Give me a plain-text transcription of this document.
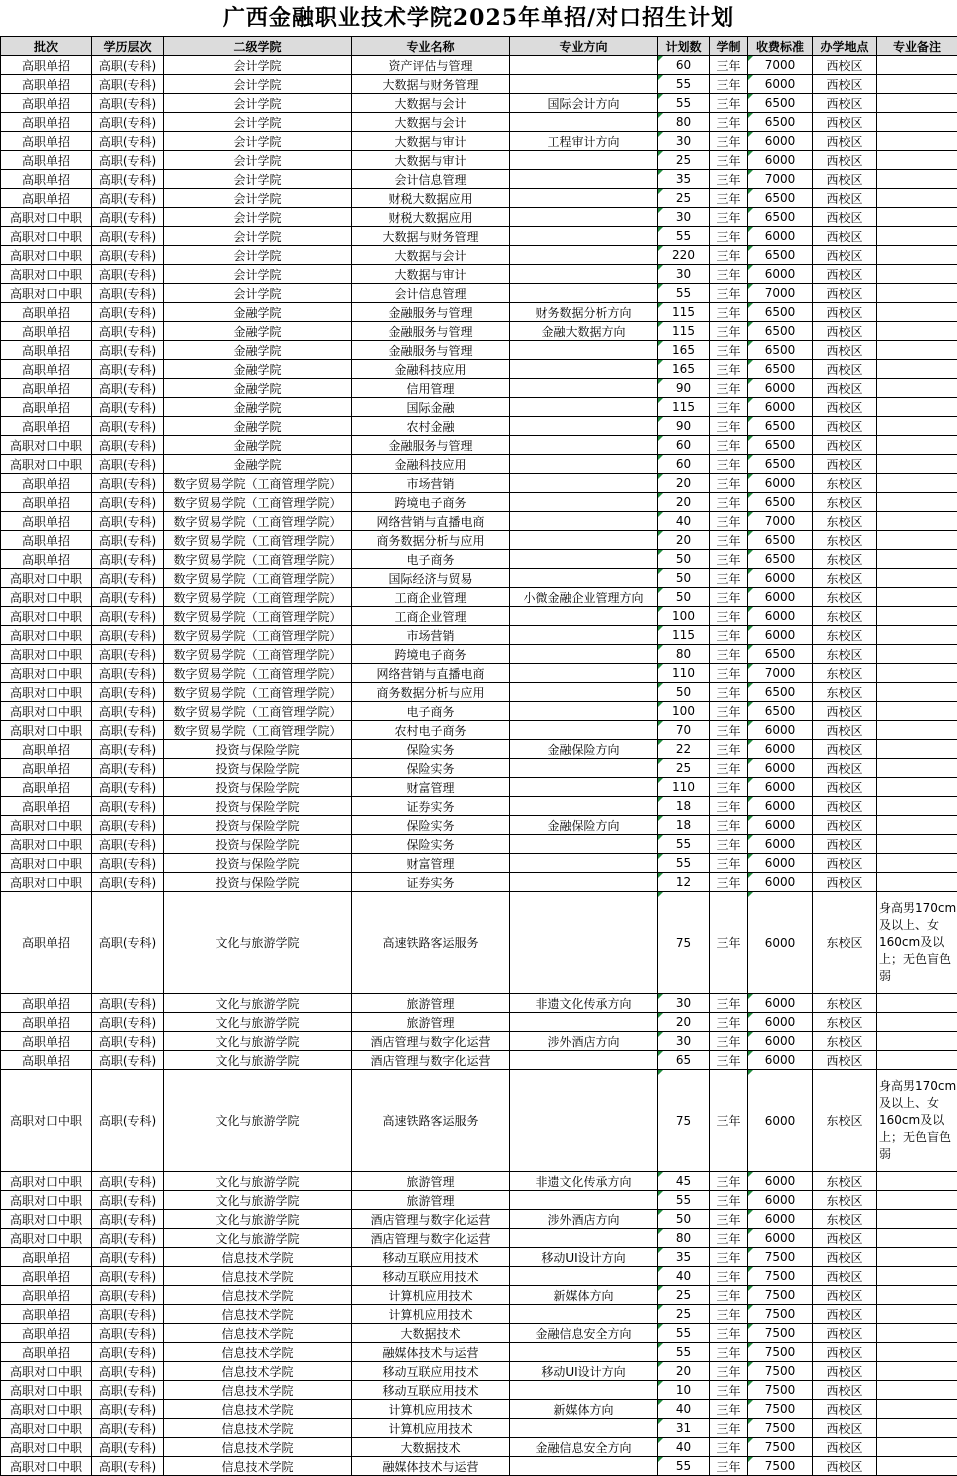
广西金融职业技术学院2025年单招/对口招生计划
批次	学历层次	二级学院	专业名称	专业方向	计划数	学制	收费标准	办学地点	专业备注
高职单招	高职(专科)	会计学院	资产评估与管理		60	三年	7000	西校区	
高职单招	高职(专科)	会计学院	大数据与财务管理		55	三年	6000	西校区	
高职单招	高职(专科)	会计学院	大数据与会计	国际会计方向	55	三年	6500	西校区	
高职单招	高职(专科)	会计学院	大数据与会计		80	三年	6500	西校区	
高职单招	高职(专科)	会计学院	大数据与审计	工程审计方向	30	三年	6000	西校区	
高职单招	高职(专科)	会计学院	大数据与审计		25	三年	6000	西校区	
高职单招	高职(专科)	会计学院	会计信息管理		35	三年	7000	西校区	
高职单招	高职(专科)	会计学院	财税大数据应用		25	三年	6500	西校区	
高职对口中职	高职(专科)	会计学院	财税大数据应用		30	三年	6500	西校区	
高职对口中职	高职(专科)	会计学院	大数据与财务管理		55	三年	6000	西校区	
高职对口中职	高职(专科)	会计学院	大数据与会计		220	三年	6500	西校区	
高职对口中职	高职(专科)	会计学院	大数据与审计		30	三年	6000	西校区	
高职对口中职	高职(专科)	会计学院	会计信息管理		55	三年	7000	西校区	
高职单招	高职(专科)	金融学院	金融服务与管理	财务数据分析方向	115	三年	6500	西校区	
高职单招	高职(专科)	金融学院	金融服务与管理	金融大数据方向	115	三年	6500	西校区	
高职单招	高职(专科)	金融学院	金融服务与管理		165	三年	6500	西校区	
高职单招	高职(专科)	金融学院	金融科技应用		165	三年	6500	西校区	
高职单招	高职(专科)	金融学院	信用管理		90	三年	6000	西校区	
高职单招	高职(专科)	金融学院	国际金融		115	三年	6000	西校区	
高职单招	高职(专科)	金融学院	农村金融		90	三年	6500	西校区	
高职对口中职	高职(专科)	金融学院	金融服务与管理		60	三年	6500	西校区	
高职对口中职	高职(专科)	金融学院	金融科技应用		60	三年	6500	西校区	
高职单招	高职(专科)	数字贸易学院（工商管理学院）	市场营销		20	三年	6000	东校区	
高职单招	高职(专科)	数字贸易学院（工商管理学院）	跨境电子商务		20	三年	6500	东校区	
高职单招	高职(专科)	数字贸易学院（工商管理学院）	网络营销与直播电商		40	三年	7000	东校区	
高职单招	高职(专科)	数字贸易学院（工商管理学院）	商务数据分析与应用		20	三年	6500	东校区	
高职单招	高职(专科)	数字贸易学院（工商管理学院）	电子商务		50	三年	6500	东校区	
高职对口中职	高职(专科)	数字贸易学院（工商管理学院）	国际经济与贸易		50	三年	6000	东校区	
高职对口中职	高职(专科)	数字贸易学院（工商管理学院）	工商企业管理	小微金融企业管理方向	50	三年	6000	东校区	
高职对口中职	高职(专科)	数字贸易学院（工商管理学院）	工商企业管理		100	三年	6000	东校区	
高职对口中职	高职(专科)	数字贸易学院（工商管理学院）	市场营销		115	三年	6000	东校区	
高职对口中职	高职(专科)	数字贸易学院（工商管理学院）	跨境电子商务		80	三年	6500	东校区	
高职对口中职	高职(专科)	数字贸易学院（工商管理学院）	网络营销与直播电商		110	三年	7000	东校区	
高职对口中职	高职(专科)	数字贸易学院（工商管理学院）	商务数据分析与应用		50	三年	6500	东校区	
高职对口中职	高职(专科)	数字贸易学院（工商管理学院）	电子商务		100	三年	6500	西校区	
高职对口中职	高职(专科)	数字贸易学院（工商管理学院）	农村电子商务		70	三年	6000	西校区	
高职单招	高职(专科)	投资与保险学院	保险实务	金融保险方向	22	三年	6000	西校区	
高职单招	高职(专科)	投资与保险学院	保险实务		25	三年	6000	西校区	
高职单招	高职(专科)	投资与保险学院	财富管理		110	三年	6000	西校区	
高职单招	高职(专科)	投资与保险学院	证券实务		18	三年	6000	西校区	
高职对口中职	高职(专科)	投资与保险学院	保险实务	金融保险方向	18	三年	6000	西校区	
高职对口中职	高职(专科)	投资与保险学院	保险实务		55	三年	6000	西校区	
高职对口中职	高职(专科)	投资与保险学院	财富管理		55	三年	6000	西校区	
高职对口中职	高职(专科)	投资与保险学院	证券实务		12	三年	6000	西校区	
高职单招	高职(专科)	文化与旅游学院	高速铁路客运服务		75	三年	6000	东校区	身高男170cm及以上、女160cm及以上；无色盲色弱
高职单招	高职(专科)	文化与旅游学院	旅游管理	非遗文化传承方向	30	三年	6000	东校区	
高职单招	高职(专科)	文化与旅游学院	旅游管理		20	三年	6000	东校区	
高职单招	高职(专科)	文化与旅游学院	酒店管理与数字化运营	涉外酒店方向	30	三年	6000	东校区	
高职单招	高职(专科)	文化与旅游学院	酒店管理与数字化运营		65	三年	6000	西校区	
高职对口中职	高职(专科)	文化与旅游学院	高速铁路客运服务		75	三年	6000	东校区	身高男170cm及以上、女160cm及以上；无色盲色弱
高职对口中职	高职(专科)	文化与旅游学院	旅游管理	非遗文化传承方向	45	三年	6000	东校区	
高职对口中职	高职(专科)	文化与旅游学院	旅游管理		55	三年	6000	东校区	
高职对口中职	高职(专科)	文化与旅游学院	酒店管理与数字化运营	涉外酒店方向	50	三年	6000	东校区	
高职对口中职	高职(专科)	文化与旅游学院	酒店管理与数字化运营		80	三年	6000	西校区	
高职单招	高职(专科)	信息技术学院	移动互联应用技术	移动UI设计方向	35	三年	7500	西校区	
高职单招	高职(专科)	信息技术学院	移动互联应用技术		40	三年	7500	西校区	
高职单招	高职(专科)	信息技术学院	计算机应用技术	新媒体方向	25	三年	7500	西校区	
高职单招	高职(专科)	信息技术学院	计算机应用技术		25	三年	7500	西校区	
高职单招	高职(专科)	信息技术学院	大数据技术	金融信息安全方向	55	三年	7500	西校区	
高职单招	高职(专科)	信息技术学院	融媒体技术与运营		55	三年	7500	西校区	
高职对口中职	高职(专科)	信息技术学院	移动互联应用技术	移动UI设计方向	20	三年	7500	西校区	
高职对口中职	高职(专科)	信息技术学院	移动互联应用技术		10	三年	7500	西校区	
高职对口中职	高职(专科)	信息技术学院	计算机应用技术	新媒体方向	40	三年	7500	西校区	
高职对口中职	高职(专科)	信息技术学院	计算机应用技术		31	三年	7500	西校区	
高职对口中职	高职(专科)	信息技术学院	大数据技术	金融信息安全方向	40	三年	7500	西校区	
高职对口中职	高职(专科)	信息技术学院	融媒体技术与运营		55	三年	7500	西校区	
